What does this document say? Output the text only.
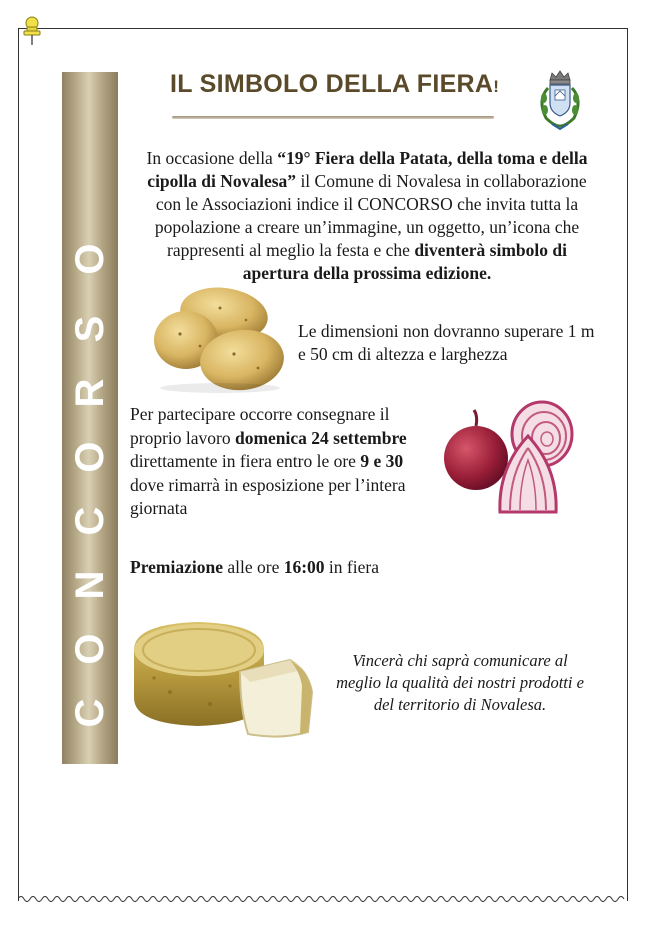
C
O
N
C
O
R
S
O
IL SIMBOLO DELLA FIERA!
In occasione della “19° Fiera della Patata, della toma e della cipolla di Novalesa” il Comune di Novalesa in collaborazione con le Associazioni indice il CONCORSO che invita tutta la popolazione a creare un’immagine, un oggetto, un’icona che rappresenti al meglio la festa e che diventerà simbolo di apertura della prossima edizione.
Le dimensioni non dovranno superare 1 m e 50 cm di altezza e larghezza
Per partecipare occorre consegnare il proprio lavoro domenica 24 settembre direttamente in fiera entro le ore 9 e 30 dove rimarrà in esposizione per l’intera giornata
Premiazione alle ore 16:00 in fiera
Vincerà chi saprà comunicare al meglio la qualità dei nostri prodotti e del territorio di Novalesa.
